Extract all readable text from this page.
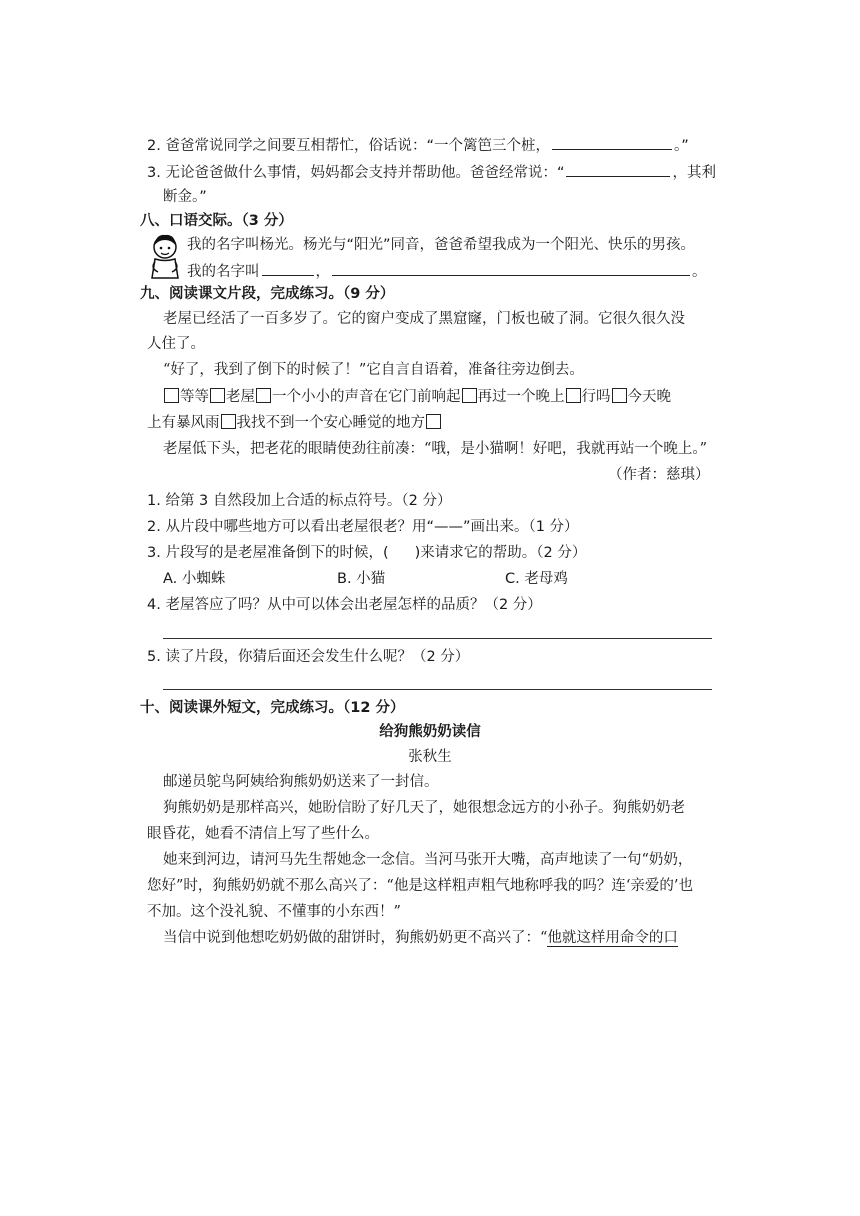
2. 爸爸常说同学之间要互相帮忙，俗话说：“一个篱笆三个桩，	。”
3. 无论爸爸做什么事情，妈妈都会支持并帮助他。爸爸经常说：“	，其利
断金。”
八、口语交际。（3 分）
我的名字叫杨光。杨光与“阳光”同音，爸爸希望我成为一个阳光、快乐的男孩。
我的名字叫	，	。
九、阅读课文片段，完成练习。（9 分）
老屋已经活了一百多岁了。它的窗户变成了黑窟窿，门板也破了洞。它很久很久没
人住了。
“好了，我到了倒下的时候了！”它自言自语着，准备往旁边倒去。
等等 老屋 一个小小的声音在它门前响起 再过一个晚上 行吗 今天晚
上有暴风雨 我找不到一个安心睡觉的地方
老屋低下头，把老花的眼睛使劲往前凑：“哦，是小猫啊！好吧，我就再站一个晚上。”
（作者：慈琪）
1. 给第 3 自然段加上合适的标点符号。（2 分）
2. 从片段中哪些地方可以看出老屋很老？用“——”画出来。（1 分）
3. 片段写的是老屋准备倒下的时候，( )来请求它的帮助。（2 分）
A. 小蜘蛛	B. 小猫	C. 老母鸡
4. 老屋答应了吗？从中可以体会出老屋怎样的品质？（2 分）
5. 读了片段，你猜后面还会发生什么呢？（2 分）
十、阅读课外短文，完成练习。（12 分）
给狗熊奶奶读信
张秋生
邮递员鸵鸟阿姨给狗熊奶奶送来了一封信。
狗熊奶奶是那样高兴，她盼信盼了好几天了，她很想念远方的小孙子。狗熊奶奶老
眼昏花，她看不清信上写了些什么。
她来到河边，请河马先生帮她念一念信。当河马张开大嘴，高声地读了一句“奶奶，
您好”时，狗熊奶奶就不那么高兴了：“他是这样粗声粗气地称呼我的吗？连‘亲爱的’也
不加。这个没礼貌、不懂事的小东西！”
当信中说到他想吃奶奶做的甜饼时，狗熊奶奶更不高兴了：“他就这样用命令的口
